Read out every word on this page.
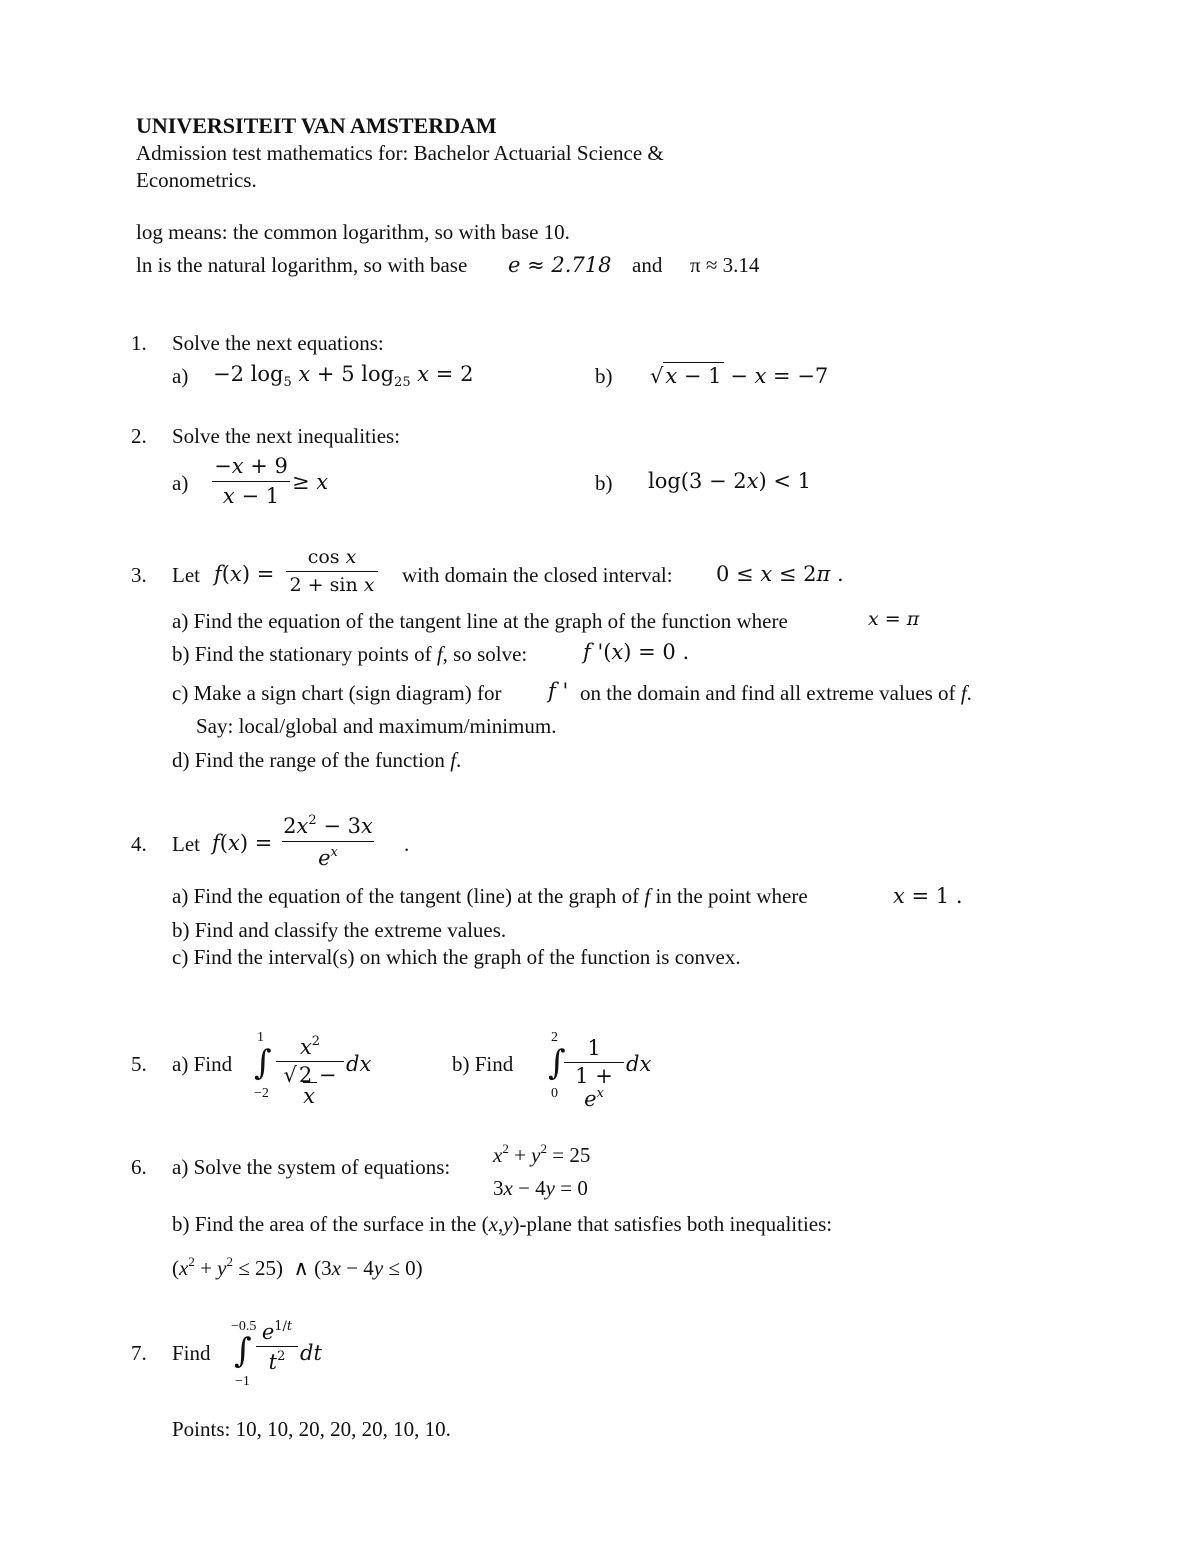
UNIVERSITEIT VAN AMSTERDAM
Admission test mathematics for: Bachelor Actuarial Science &
Econometrics.
log means: the common logarithm, so with base 10.
ln is the natural logarithm, so with base e ≈ 2.718 and π ≈ 3.14
1. Solve the next equations:
a) −2 $\log_5 x + 5$ $\log_{25} x = 2$	b) √x − 1 − x = −7
2. Solve the next inequalities:
$a) \frac{-x + 9}{x - 1} \ge x$	b) log(3 − 2x) < 1
3. Let $f(x) = \frac{\text{cos x}}{\text{2 + sin x}}$ with domain the closed interval: 0 ≤ x ≤ 2π .
a) Find the equation of the tangent line at the graph of the function where	x = π
b) Find the stationary points of f, so solve:	f '(x) = 0 .
c) Make a sign chart (sign diagram) for f ' on the domain and find all extreme values of f.
Say: local/global and maximum/minimum.
d) Find the range of the function f.
4. Let $f(x) = \frac{2x^2 - 3x}{e^x}$ .
a) Find the equation of the tangent (line) at the graph of f in the point where	x = 1 .
b) Find and classify the extreme values.
c) Find the interval(s) on which the graph of the function is convex.
5. a) Find
1
∫
$-2 \frac{x^2}{√2 - x}$ dx	b) Find
2
∫
$0 \frac{1}{1 + e^x}$ dx
6. a) Solve the system of equations: $x^2 + y^2 = 25$
3x − 4y = 0
b) Find the area of the surface in the (x,y)-plane that satisfies both inequalities:
$(x^2 + y^2 \le 25)$  ∧ (3x − 4y ≤ 0)
7. Find
−0.5
∫
−1
$\frac{e^{1/t}}{t^2}$ dt
Points: 10, 10, 20, 20, 20, 10, 10.
